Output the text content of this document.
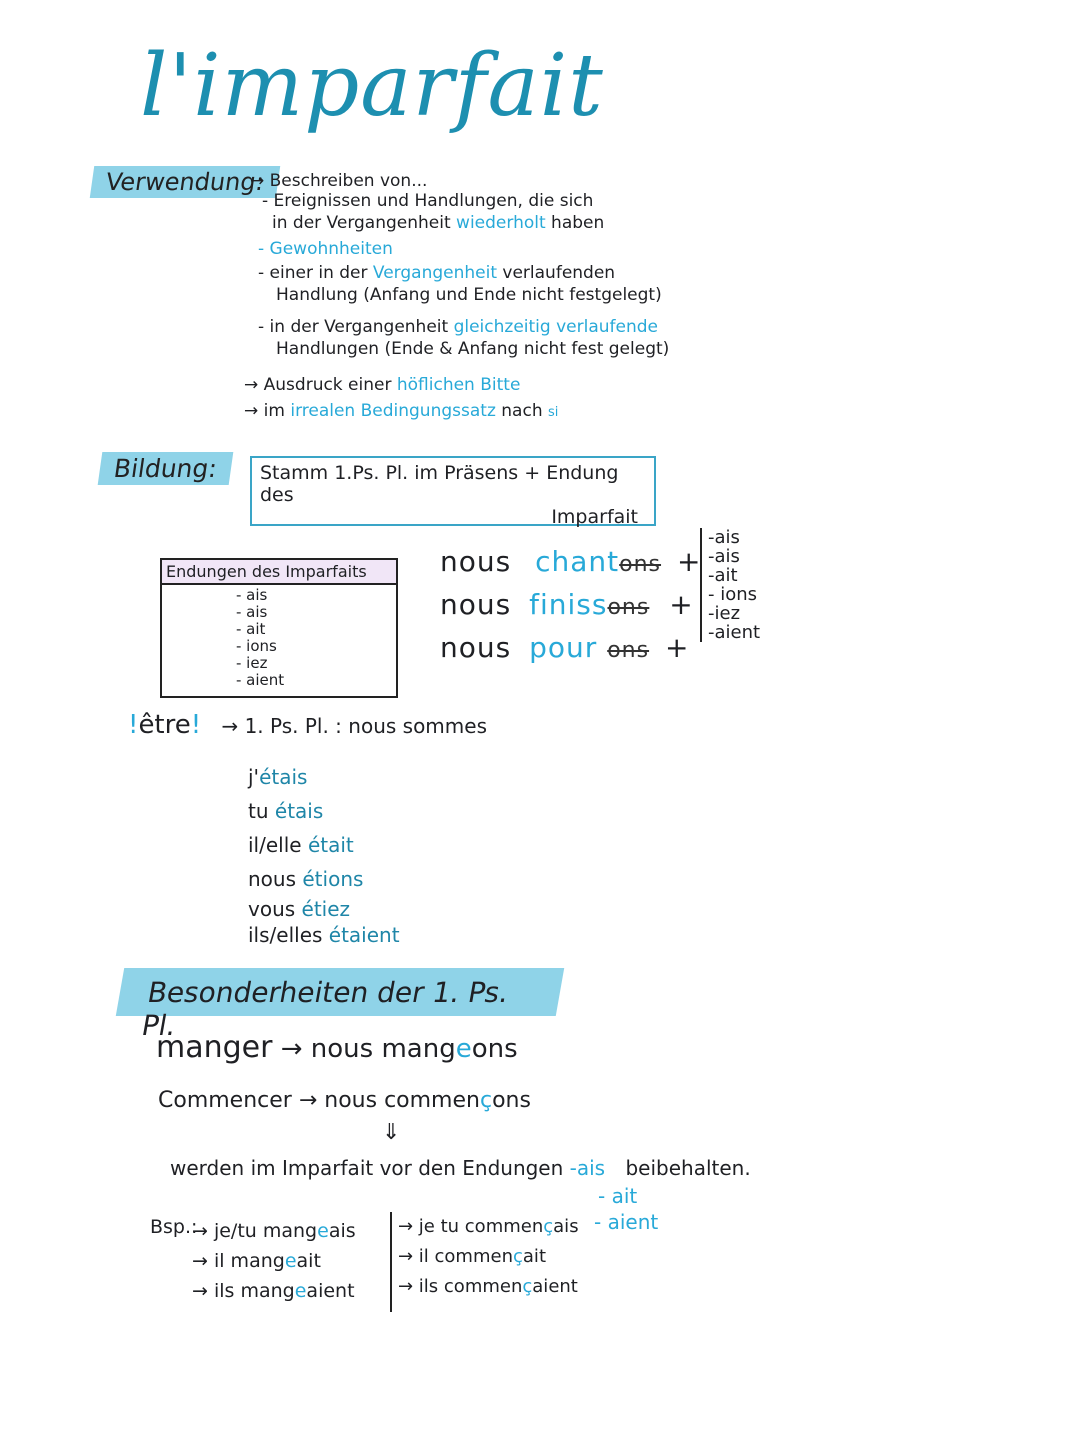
l'imparfait
Verwendung:
→ Beschreiben von...
- Ereignissen und Handlungen, die sich
in der Vergangenheit wiederholt haben
- Gewohnheiten
- einer in der Vergangenheit verlaufenden
Handlung (Anfang und Ende nicht festgelegt)
- in der Vergangenheit gleichzeitig verlaufende
Handlungen (Ende & Anfang nicht fest gelegt)
→ Ausdruck einer höflichen Bitte
→ im irrealen Bedingungssatz nach si
Bildung:	Stamm 1.Ps. Pl. im Präsens + Endung des
Imparfait
Endungen des Imparfaits
- ais
- ais
- ait
- ions
- iez
- aient
nous chantons +
nous finissons +
nous pour ons +
-ais
-ais
-ait
- ions
-iez
-aient
!être! → 1. Ps. Pl. : nous sommes
j'étais
tu étais
il/elle était
nous étions
vous étiez
ils/elles étaient
Besonderheiten der 1. Ps. Pl.
manger → nous mangeons
Commencer → nous commençons
⇓
werden im Imparfait vor den Endungen -ais beibehalten.
- ait
- aient
Bsp.:
→ je/tu mangeais
→ il mangeait
→ ils mangeaient
→ je tu commençais
→ il commençait
→ ils commençaient
